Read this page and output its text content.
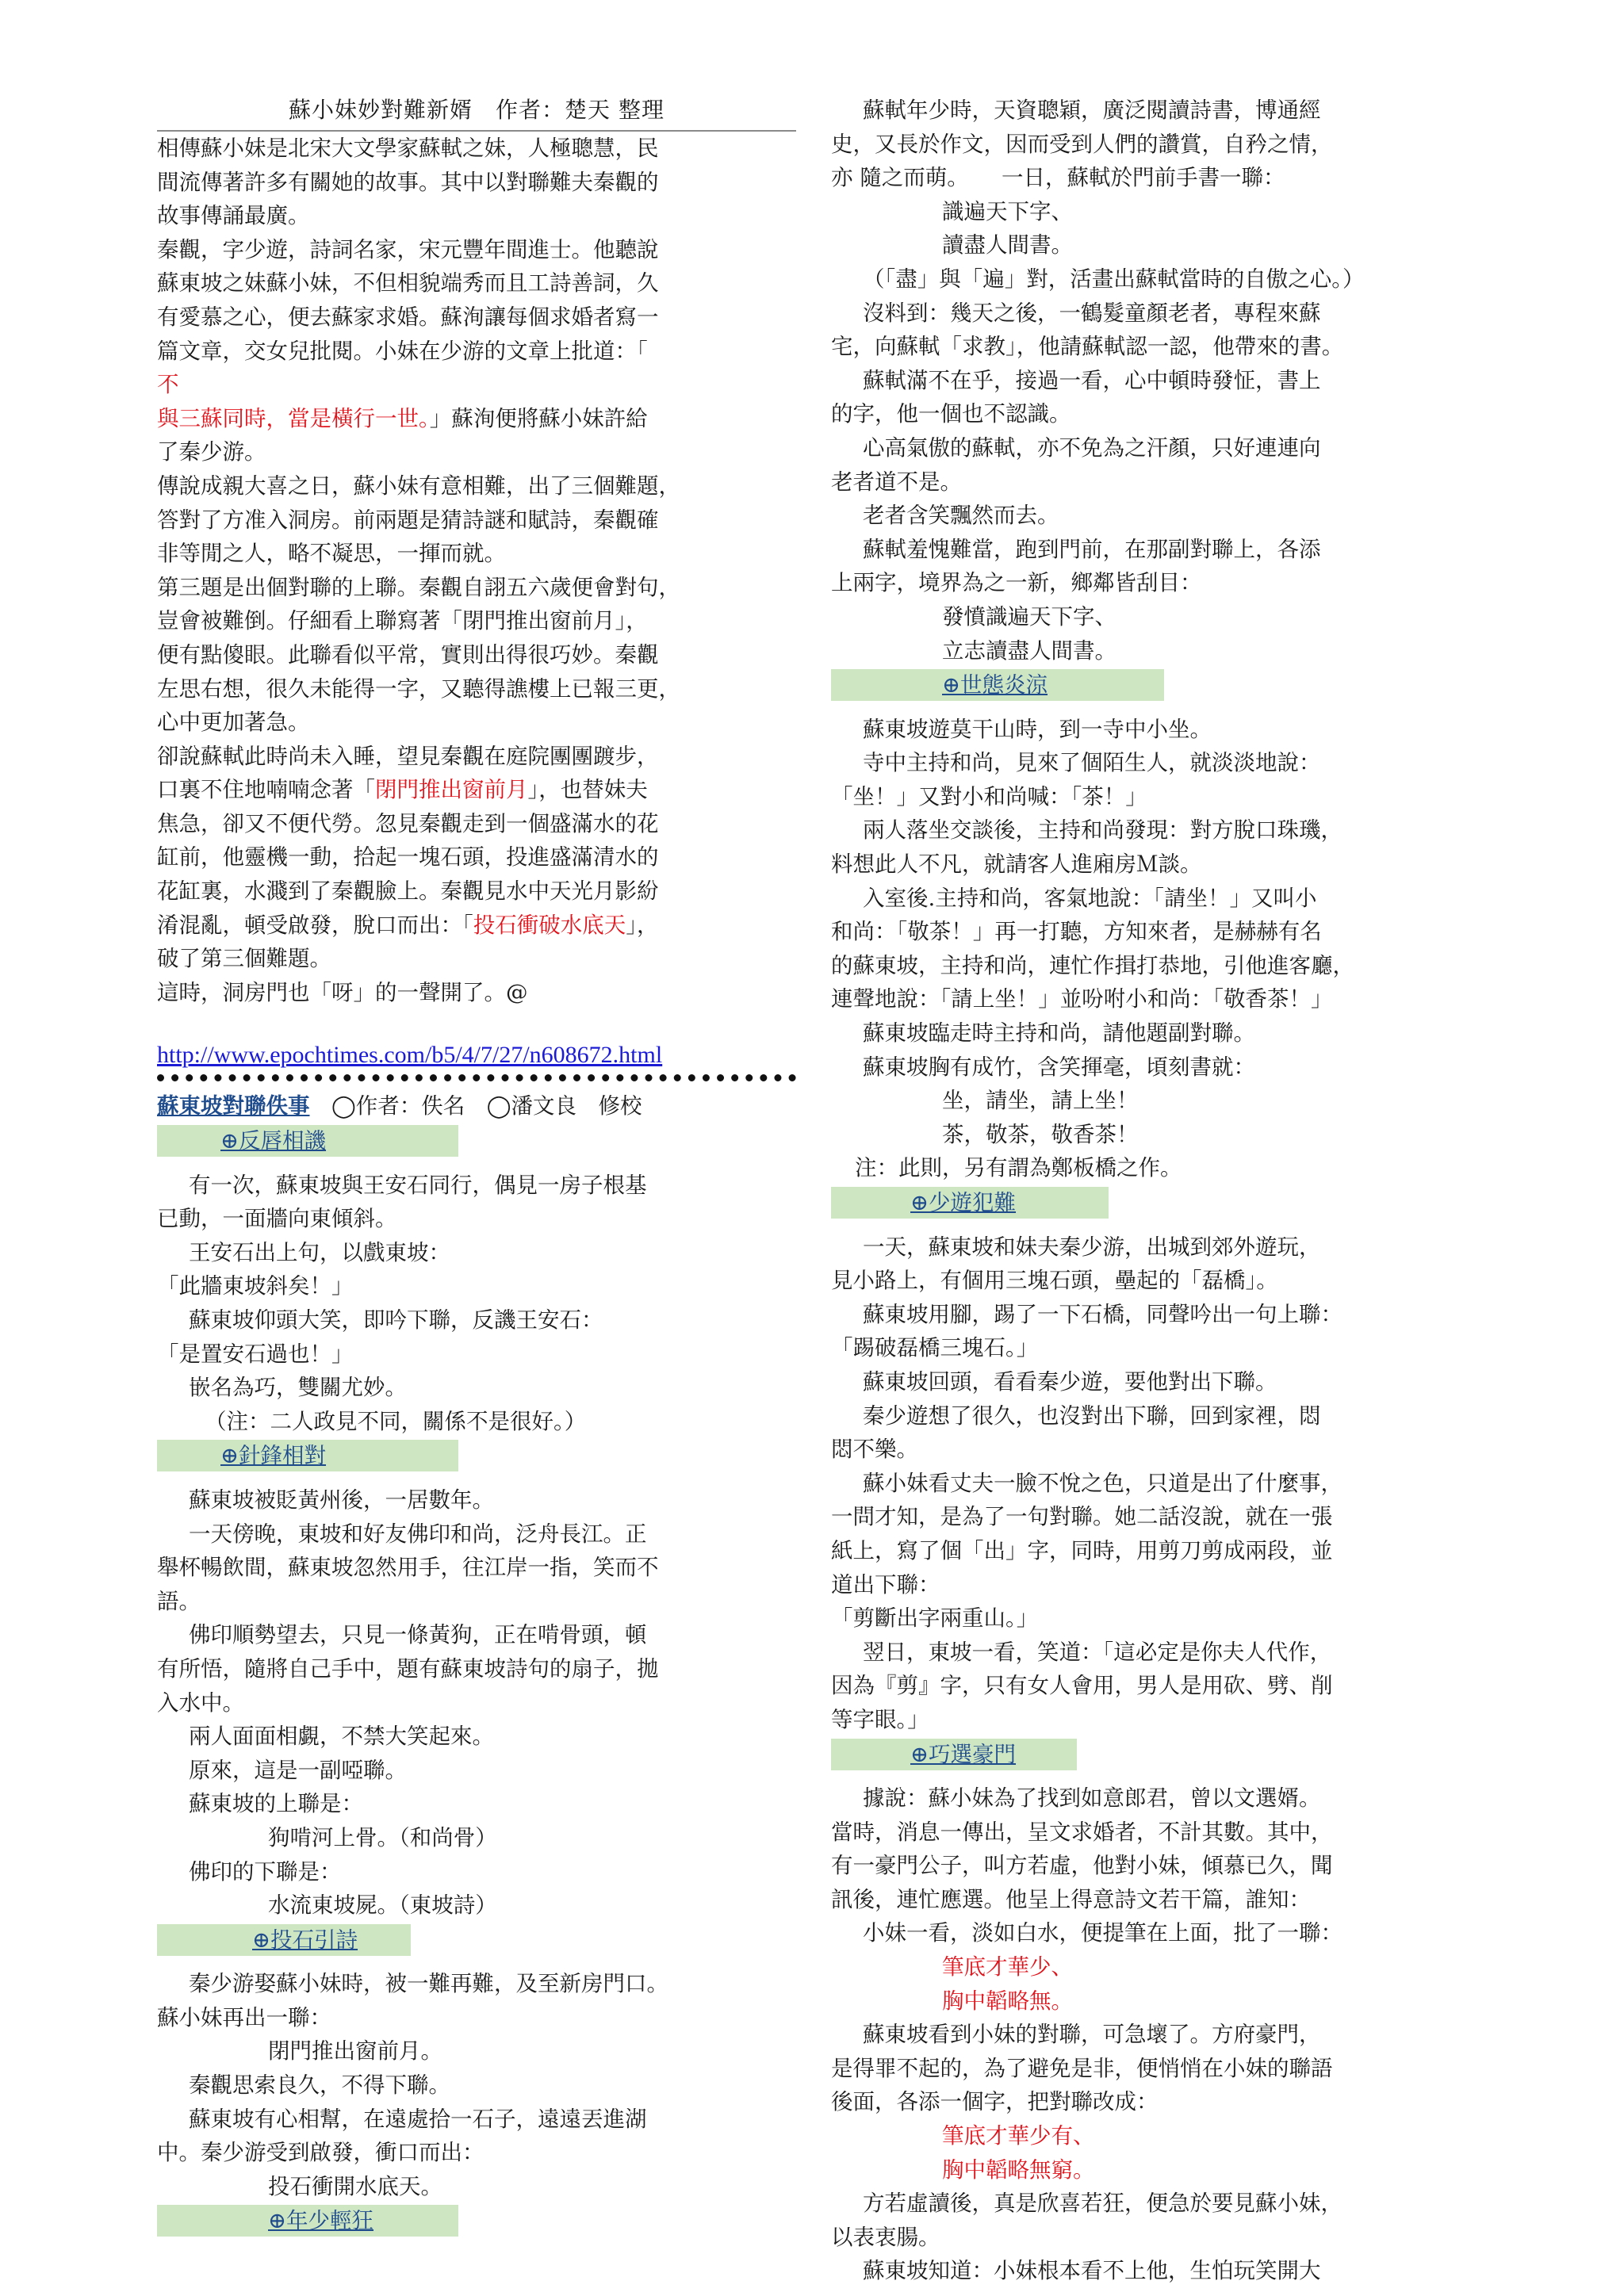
蘇小妹妙對難新婿　作者：楚天 整理

相傳蘇小妹是北宋大文學家蘇軾之妹，人極聰慧，民

間流傳著許多有關她的故事。其中以對聯難夫秦觀的

故事傳誦最廣。

秦觀，字少遊，詩詞名家，宋元豐年間進士。他聽說

蘇東坡之妹蘇小妹，不但相貌端秀而且工詩善詞，久

有愛慕之心，便去蘇家求婚。蘇洵讓每個求婚者寫一

篇文章，交女兒批閱。小妹在少游的文章上批道：「

不

與三蘇同時，當是橫行一世。」蘇洵便將蘇小妹許給

了秦少游。

傳說成親大喜之日，蘇小妹有意相難，出了三個難題，

答對了方准入洞房。前兩題是猜詩謎和賦詩，秦觀確

非等閒之人，略不凝思，一揮而就。

第三題是出個對聯的上聯。秦觀自詡五六歲便會對句，

豈會被難倒。仔細看上聯寫著「閉門推出窗前月」，

便有點傻眼。此聯看似平常，實則出得很巧妙。秦觀

左思右想，很久未能得一字，又聽得譙樓上已報三更，

心中更加著急。

卻說蘇軾此時尚未入睡，望見秦觀在庭院團團踱步，

口裏不住地喃喃念著「閉門推出窗前月」，也替妹夫

焦急，卻又不便代勞。忽見秦觀走到一個盛滿水的花

缸前，他靈機一動，拾起一塊石頭，投進盛滿清水的

花缸裏，水濺到了秦觀臉上。秦觀見水中天光月影紛

淆混亂，頓受啟發，脫口而出：「投石衝破水底天」，

破了第三個難題。

這時，洞房門也「呀」的一聲開了。@

http://www.epochtimes.com/b5/4/7/27/n608672.html

蘇東坡對聯佚事　◯作者：佚名　◯潘文良　修校

⊕反唇相譏

有一次，蘇東坡與王安石同行，偶見一房子根基

已動，一面牆向東傾斜。

王安石出上句，以戲東坡：

「此牆東坡斜矣！」

蘇東坡仰頭大笑，即吟下聯，反譏王安石：

「是置安石過也！」

嵌名為巧，雙關尤妙。

（注：二人政見不同，關係不是很好。）

⊕針鋒相對

蘇東坡被貶黃州後，一居數年。

一天傍晚，東坡和好友佛印和尚，泛舟長江。正

舉杯暢飲間，蘇東坡忽然用手，往江岸一指，笑而不

語。

佛印順勢望去，只見一條黃狗，正在啃骨頭，頓

有所悟，隨將自己手中，題有蘇東坡詩句的扇子，拋

入水中。

兩人面面相覷，不禁大笑起來。

原來，這是一副啞聯。

蘇東坡的上聯是：

狗啃河上骨。（和尚骨）

佛印的下聯是：

水流東坡屍。（東坡詩）

⊕投石引詩

秦少游娶蘇小妹時，被一難再難，及至新房門口。

蘇小妹再出一聯：

閉門推出窗前月。

秦觀思索良久，不得下聯。

蘇東坡有心相幫，在遠處拾一石子，遠遠丟進湖

中。秦少游受到啟發，衝口而出：

投石衝開水底天。

⊕年少輕狂

蘇軾年少時，天資聰穎，廣泛閱讀詩書，博通經

史，又長於作文，因而受到人們的讚賞，自矜之情，

亦 隨之而萌。　　一日，蘇軾於門前手書一聯：

識遍天下字、

讀盡人間書。

（「盡」與「遍」對，活畫出蘇軾當時的自傲之心。）

沒料到：幾天之後，一鶴髮童顏老者，專程來蘇

宅，向蘇軾「求教」，他請蘇軾認一認，他帶來的書。

蘇軾滿不在乎，接過一看，心中頓時發怔，書上

的字，他一個也不認識。

心高氣傲的蘇軾，亦不免為之汗顏，只好連連向

老者道不是。

老者含笑飄然而去。

蘇軾羞愧難當，跑到門前，在那副對聯上，各添

上兩字，境界為之一新，鄉鄰皆刮目：

發憤識遍天下字、

立志讀盡人間書。

⊕世態炎涼

蘇東坡遊莫干山時，到一寺中小坐。

寺中主持和尚，見來了個陌生人，就淡淡地說：

「坐！」又對小和尚喊：「茶！」

兩人落坐交談後，主持和尚發現：對方脫口珠璣，

料想此人不凡，就請客人進廂房Ｍ談。

入室後.主持和尚，客氣地說：「請坐！」又叫小

和尚：「敬茶！」再一打聽，方知來者，是赫赫有名

的蘇東坡，主持和尚，連忙作揖打恭地，引他進客廳，

連聲地說：「請上坐！」並吩咐小和尚：「敬香茶！」

蘇東坡臨走時主持和尚，請他題副對聯。

蘇東坡胸有成竹，含笑揮毫，頃刻書就：

坐，請坐，請上坐！

茶，敬茶，敬香茶！

注：此則，另有謂為鄭板橋之作。

⊕少遊犯難

一天，蘇東坡和妹夫秦少游，出城到郊外遊玩，

見小路上，有個用三塊石頭，壘起的「磊橋」。

蘇東坡用腳，踢了一下石橋，同聲吟出一句上聯：

「踢破磊橋三塊石。」

蘇東坡回頭，看看秦少遊，要他對出下聯。

秦少遊想了很久，也沒對出下聯，回到家裡，悶

悶不樂。

蘇小妹看丈夫一臉不悅之色，只道是出了什麼事，

一問才知，是為了一句對聯。她二話沒說，就在一張

紙上，寫了個「出」字，同時，用剪刀剪成兩段，並

道出下聯：

「剪斷出字兩重山。」

翌日，東坡一看，笑道：「這必定是你夫人代作，

因為『剪』字，只有女人會用，男人是用砍、劈、削

等字眼。」

⊕巧選豪門

據說：蘇小妹為了找到如意郎君，曾以文選婿。

當時，消息一傳出，呈文求婚者，不計其數。其中，

有一豪門公子，叫方若虛，他對小妹，傾慕已久，聞

訊後，連忙應選。他呈上得意詩文若干篇，誰知：

小妹一看，淡如白水，便提筆在上面，批了一聯：

筆底才華少、

胸中韜略無。

蘇東坡看到小妹的對聯，可急壞了。方府豪門，

是得罪不起的，為了避免是非，便悄悄在小妹的聯語

後面，各添一個字，把對聯改成：

筆底才華少有、

胸中韜略無窮。

方若虛讀後，真是欣喜若狂，便急於要見蘇小妹，

以表衷腸。

蘇東坡知道：小妹根本看不上他，生怕玩笑開大
